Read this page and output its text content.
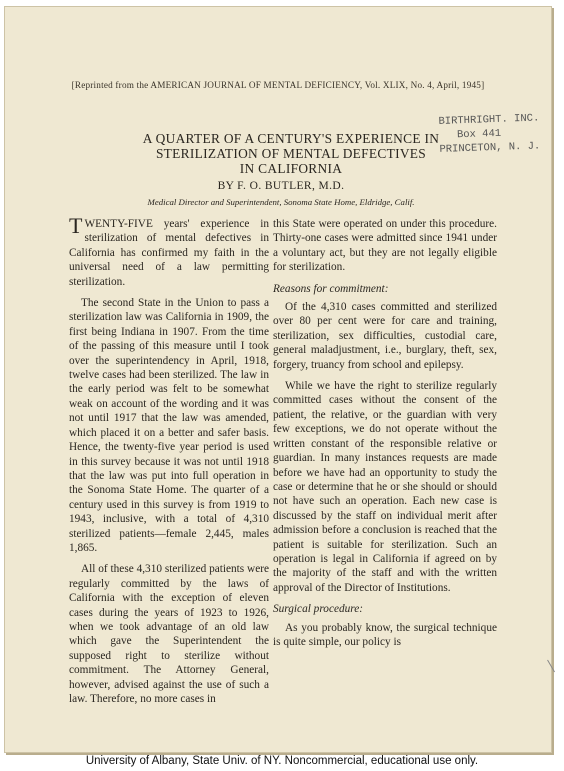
[Reprinted from the AMERICAN JOURNAL OF MENTAL DEFICIENCY, Vol. XLIX, No. 4, April, 1945]
BIRTHRIGHT. INC.
Box 441
PRINCETON, N. J.
A QUARTER OF A CENTURY'S EXPERIENCE IN
STERILIZATION OF MENTAL DEFECTIVES
IN CALIFORNIA
BY F. O. BUTLER, M.D.
Medical Director and Superintendent, Sonoma State Home, Eldridge, Calif.

TWENTY-FIVE years' experience in sterilization of mental defectives in California has confirmed my faith in the universal need of a law permitting sterilization.

The second State in the Union to pass a sterilization law was California in 1909, the first being Indiana in 1907. From the time of the passing of this measure until I took over the superintendency in April, 1918, twelve cases had been sterilized. The law in the early period was felt to be somewhat weak on account of the wording and it was not until 1917 that the law was amended, which placed it on a better and safer basis. Hence, the twenty-five year period is used in this survey because it was not until 1918 that the law was put into full operation in the Sonoma State Home. The quarter of a century used in this survey is from 1919 to 1943, inclusive, with a total of 4,310 sterilized patients—female 2,445, males 1,865.

All of these 4,310 sterilized patients were regularly committed by the laws of California with the exception of eleven cases during the years of 1923 to 1926, when we took advantage of an old law which gave the Superintendent the supposed right to sterilize without commitment. The Attorney General, however, advised against the use of such a law. Therefore, no more cases in

this State were operated on under this procedure. Thirty-one cases were admitted since 1941 under a voluntary act, but they are not legally eligible for sterilization.

Reasons for commitment:

Of the 4,310 cases committed and sterilized over 80 per cent were for care and training, sterilization, sex difficulties, custodial care, general maladjustment, i.e., burglary, theft, sex, forgery, truancy from school and epilepsy.

While we have the right to sterilize regularly committed cases without the consent of the patient, the relative, or the guardian with very few exceptions, we do not operate without the written constant of the responsible relative or guardian. In many instances requests are made before we have had an opportunity to study the case or determine that he or she should or should not have such an operation. Each new case is discussed by the staff on individual merit after admission before a conclusion is reached that the patient is suitable for sterilization. Such an operation is legal in California if agreed on by the majority of the staff and with the written approval of the Director of Institutions.

Surgical procedure:

As you probably know, the surgical technique is quite simple, our policy is

University of Albany, State Univ. of NY. Noncommercial, educational use only.
